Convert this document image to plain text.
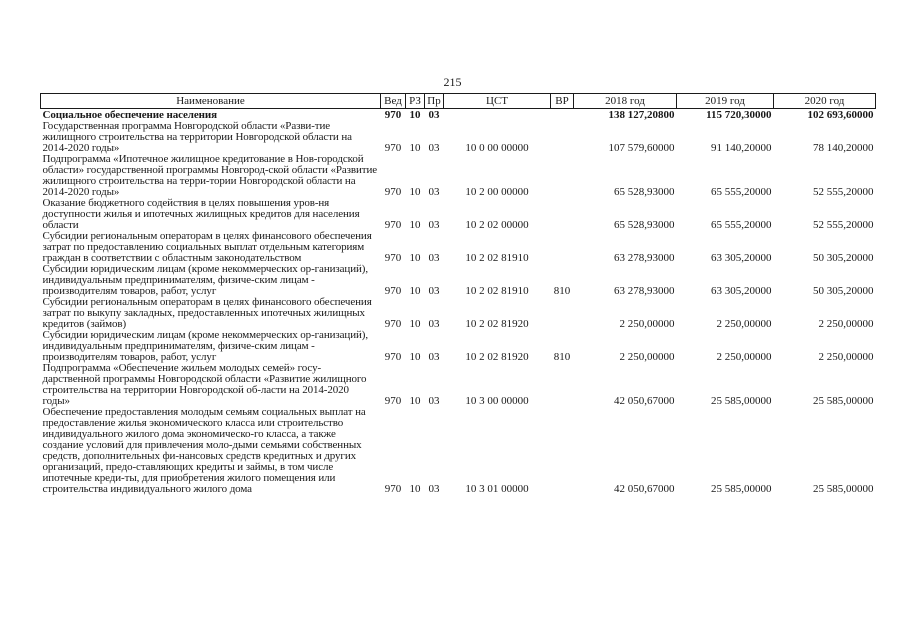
215
Наименование	Вед	РЗ	Пр	ЦСТ	ВР	2018 год	2019 год	2020 год
Социальное обеспечение населения	970	10	03			138 127,20800	115 720,30000	102 693,60000
Государственная программа Новгородской области «Разви-тие жилищного строительства на территории Новгородской области на 2014-2020 годы»	970	10	03	10 0 00 00000		107 579,60000	91 140,20000	78 140,20000
Подпрограмма «Ипотечное жилищное кредитование в Нов-городской области» государственной программы Новгород-ской области «Развитие жилищного строительства на терри-тории Новгородской области на 2014-2020 годы»	970	10	03	10 2 00 00000		65 528,93000	65 555,20000	52 555,20000
Оказание бюджетного содействия в целях повышения уров-ня доступности жилья и ипотечных жилищных кредитов для населения области	970	10	03	10 2 02 00000		65 528,93000	65 555,20000	52 555,20000
Субсидии региональным операторам в целях финансового обеспечения затрат по предоставлению социальных выплат отдельным категориям граждан в соответствии с областным законодательством	970	10	03	10 2 02 81910		63 278,93000	63 305,20000	50 305,20000
Субсидии юридическим лицам (кроме некоммерческих ор-ганизаций), индивидуальным предпринимателям, физиче-ским лицам - производителям товаров, работ, услуг	970	10	03	10 2 02 81910	810	63 278,93000	63 305,20000	50 305,20000
Субсидии региональным операторам в целях финансового обеспечения затрат по выкупу закладных, предоставленных ипотечных жилищных кредитов (займов)	970	10	03	10 2 02 81920		2 250,00000	2 250,00000	2 250,00000
Субсидии юридическим лицам (кроме некоммерческих ор-ганизаций), индивидуальным предпринимателям, физиче-ским лицам - производителям товаров, работ, услуг	970	10	03	10 2 02 81920	810	2 250,00000	2 250,00000	2 250,00000
Подпрограмма «Обеспечение жильем молодых семей» госу-дарственной программы Новгородской области «Развитие жилищного строительства на территории Новгородской об-ласти на 2014-2020 годы»	970	10	03	10 3 00 00000		42 050,67000	25 585,00000	25 585,00000
Обеспечение предоставления молодым семьям социальных выплат на предоставление жилья экономического класса или строительство индивидуального жилого дома экономическо-го класса, а также создание условий для привлечения моло-дыми семьями собственных средств, дополнительных фи-нансовых средств кредитных и других организаций, предо-ставляющих кредиты и займы, в том числе ипотечные креди-ты, для приобретения жилого помещения или строительства индивидуального жилого дома	970	10	03	10 3 01 00000		42 050,67000	25 585,00000	25 585,00000
